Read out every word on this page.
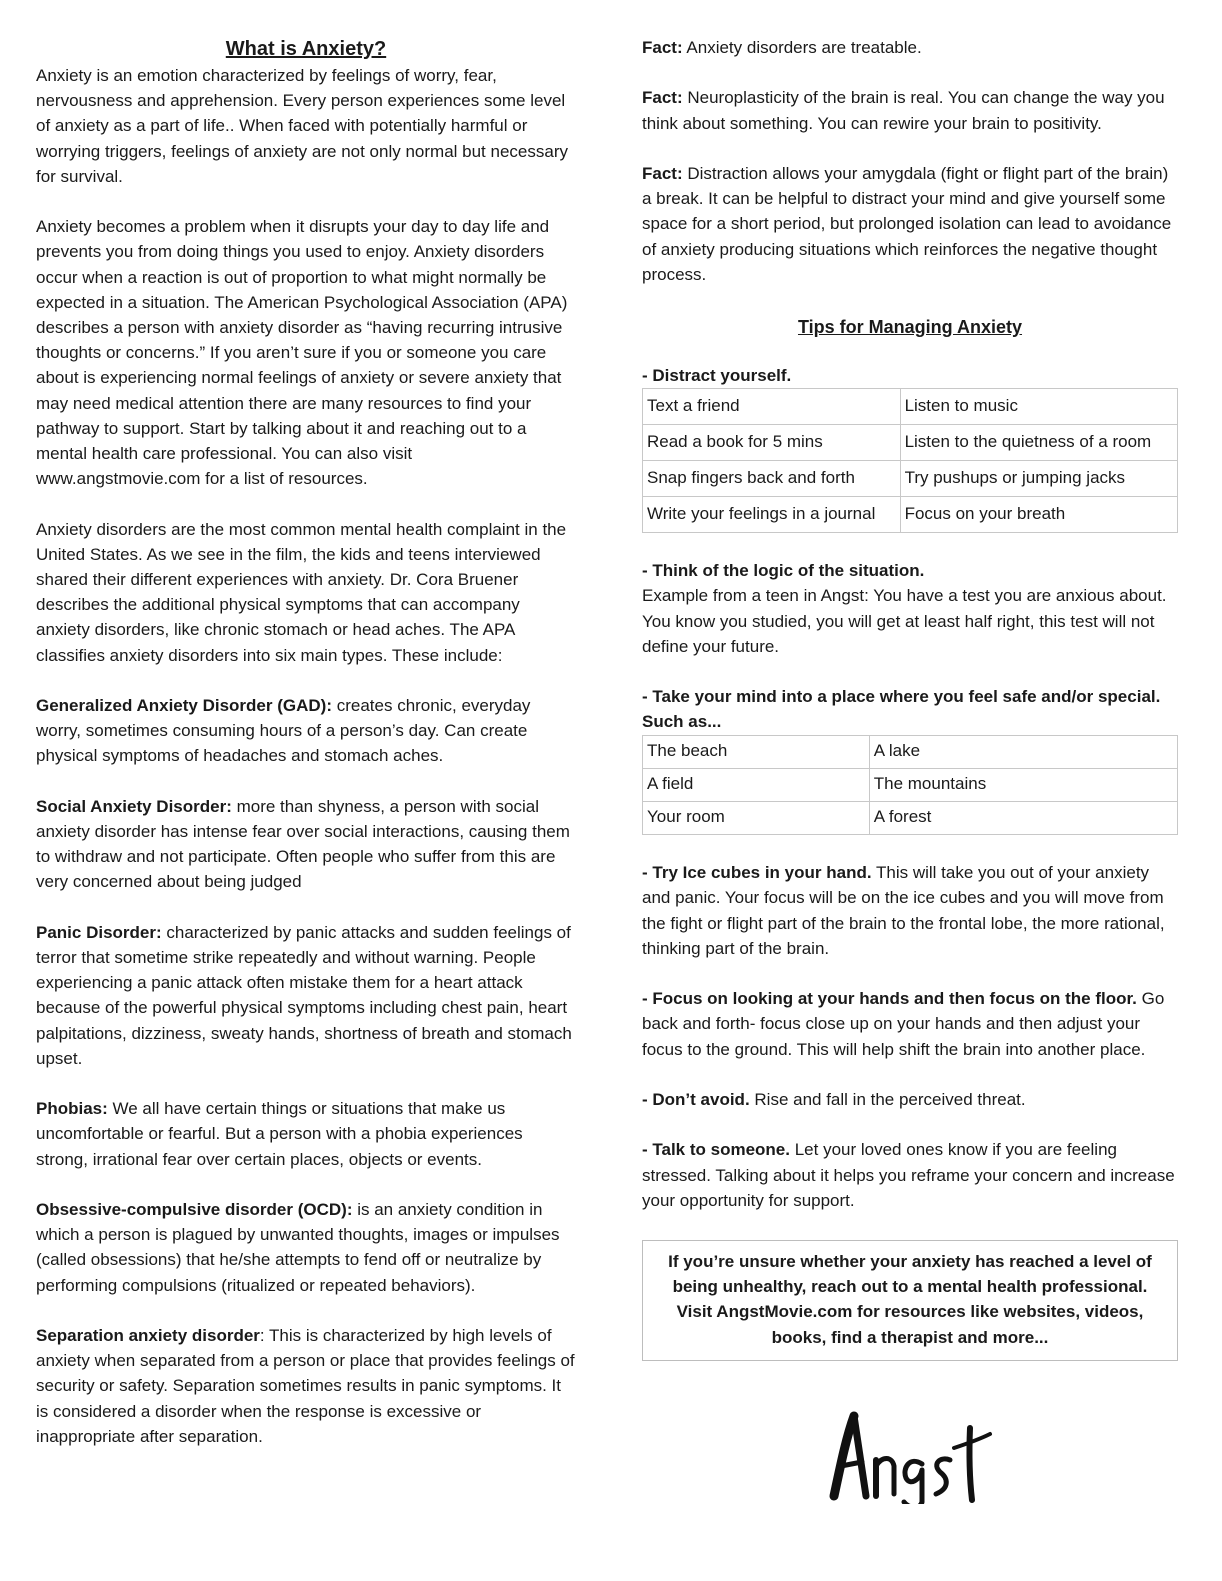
What is Anxiety?

Anxiety is an emotion characterized by feelings of worry, fear, nervousness and apprehension. Every person experiences some level of anxiety as a part of life.. When faced with potentially harmful or worrying triggers, feelings of anxiety are not only normal but necessary for survival.

Anxiety becomes a problem when it disrupts your day to day life and prevents you from doing things you used to enjoy. Anxiety disorders occur when a reaction is out of proportion to what might normally be expected in a situation. The American Psychological Association (APA) describes a person with anxiety disorder as “having recurring intrusive thoughts or concerns.” If you aren’t sure if you or someone you care about is experiencing normal feelings of anxiety or severe anxiety that may need medical attention there are many resources to find your pathway to support. Start by talking about it and reaching out to a mental health care professional. You can also visit www.angstmovie.com for a list of resources.

Anxiety disorders are the most common mental health complaint in the United States. As we see in the film, the kids and teens interviewed shared their different experiences with anxiety. Dr. Cora Bruener describes the additional physical symptoms that can accompany anxiety disorders, like chronic stomach or head aches. The APA classifies anxiety disorders into six main types. These include:

Generalized Anxiety Disorder (GAD): creates chronic, everyday worry, sometimes consuming hours of a person’s day. Can create physical symptoms of headaches and stomach aches.

Social Anxiety Disorder: more than shyness, a person with social anxiety disorder has intense fear over social interactions, causing them to withdraw and not participate. Often people who suffer from this are very concerned about being judged

Panic Disorder: characterized by panic attacks and sudden feelings of terror that sometime strike repeatedly and without warning. People experiencing a panic attack often mistake them for a heart attack because of the powerful physical symptoms including chest pain, heart palpitations, dizziness, sweaty hands, shortness of breath and stomach upset.

Phobias: We all have certain things or situations that make us uncomfortable or fearful. But a person with a phobia experiences strong, irrational fear over certain places, objects or events.

Obsessive-compulsive disorder (OCD): is an anxiety condition in which a person is plagued by unwanted thoughts, images or impulses (called obsessions) that he/she attempts to fend off or neutralize by performing compulsions (ritualized or repeated behaviors).

Separation anxiety disorder: This is characterized by high levels of anxiety when separated from a person or place that provides feelings of security or safety. Separation sometimes results in panic symptoms. It is considered a disorder when the response is excessive or inappropriate after separation.

Fact: Anxiety disorders are treatable.

Fact: Neuroplasticity of the brain is real. You can change the way you think about something. You can rewire your brain to positivity.

Fact: Distraction allows your amygdala (fight or flight part of the brain) a break. It can be helpful to distract your mind and give yourself some space for a short period, but prolonged isolation can lead to avoidance of anxiety producing situations which reinforces the negative thought process.

Tips for Managing Anxiety

- Distract yourself.

Text a friend	Listen to music
Read a book for 5 mins	Listen to the quietness of a room
Snap fingers back and forth	Try pushups or jumping jacks
Write your feelings in a journal	Focus on your breath

- Think of the logic of the situation.

Example from a teen in Angst: You have a test you are anxious about. You know you studied, you will get at least half right, this test will not define your future.

- Take your mind into a place where you feel safe and/or special. Such as...

The beach	A lake
A field	The mountains
Your room	A forest

- Try Ice cubes in your hand. This will take you out of your anxiety and panic. Your focus will be on the ice cubes and you will move from the fight or flight part of the brain to the frontal lobe, the more rational, thinking part of the brain.

- Focus on looking at your hands and then focus on the floor. Go back and forth- focus close up on your hands and then adjust your focus to the ground. This will help shift the brain into another place.

- Don’t avoid. Rise and fall in the perceived threat.

- Talk to someone. Let your loved ones know if you are feeling stressed. Talking about it helps you reframe your concern and increase your opportunity for support.

If you’re unsure whether your anxiety has reached a level of being unhealthy, reach out to a mental health professional. Visit AngstMovie.com for resources like websites, videos, books, find a therapist and more...
Angst
